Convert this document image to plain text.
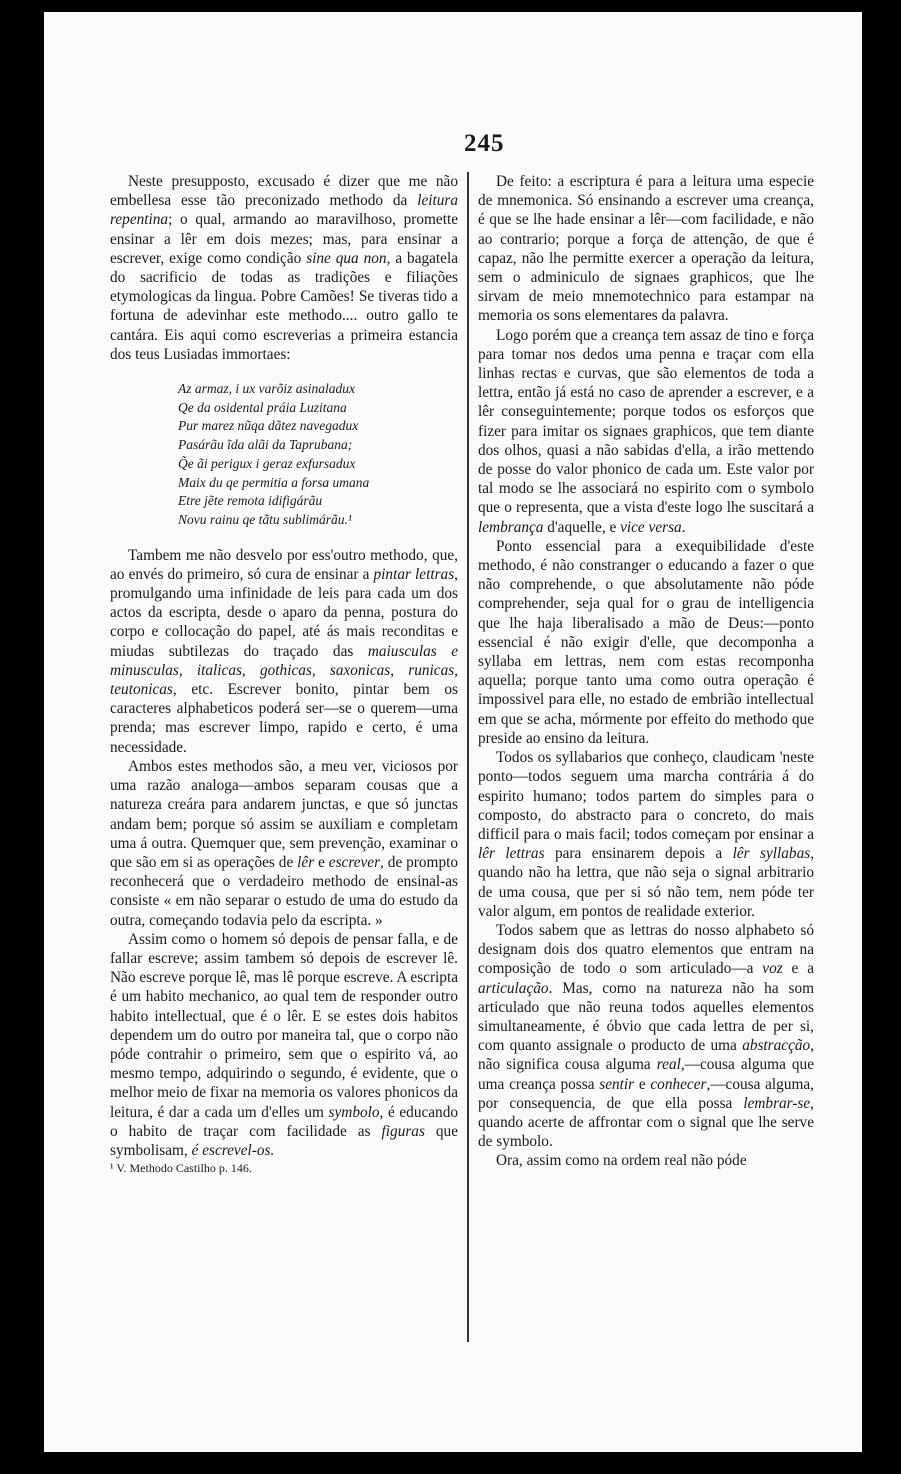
245

Neste presupposto, excusado é dizer que me não embellesa esse tão preconizado methodo da leitura repentina; o qual, armando ao maravilhoso, promette ensinar a lêr em dois mezes; mas, para ensinar a escrever, exige como condição sine qua non, a bagatela do sacrificio de todas as tradições e filiações etymologicas da lingua. Pobre Camões! Se tiveras tido a fortuna de adevinhar este methodo.... outro gallo te cantára. Eis aqui como escreverias a primeira estancia dos teus Lusiadas immortaes:

Az armaz, i ux varõiz asinaladux
Qe da osidental práia Luzitana
Pur marez nũqa dãtez navegadux
Pasárãu ĩda alãi da Taprubana;
Q̃e ãi perigux i geraz exfursadux
Maix du qe permitia a forsa umana
Etre jẽte remota idifigárãu
Novu rainu qe tãtu sublimárãu.¹

Tambem me não desvelo por ess'outro methodo, que, ao envés do primeiro, só cura de ensinar a pintar lettras, promulgando uma infinidade de leis para cada um dos actos da escripta, desde o aparo da penna, postura do corpo e collocação do papel, até ás mais reconditas e miudas subtilezas do traçado das maiusculas e minusculas, italicas, gothicas, saxonicas, runicas, teutonicas, etc. Escrever bonito, pintar bem os caracteres alphabeticos poderá ser—se o querem—uma prenda; mas escrever limpo, rapido e certo, é uma necessidade.

Ambos estes methodos são, a meu ver, viciosos por uma razão analoga—ambos separam cousas que a natureza creára para andarem junctas, e que só junctas andam bem; porque só assim se auxiliam e completam uma á outra. Quemquer que, sem prevenção, examinar o que são em si as operações de lêr e escrever, de prompto reconhecerá que o verdadeiro methodo de ensinal-as consiste « em não separar o estudo de uma do estudo da outra, começando todavia pelo da escripta. »

Assim como o homem só depois de pensar falla, e de fallar escreve; assim tambem só depois de escrever lê. Não escreve porque lê, mas lê porque escreve. A escripta é um habito mechanico, ao qual tem de responder outro habito intellectual, que é o lêr. E se estes dois habitos dependem um do outro por maneira tal, que o corpo não póde contrahir o primeiro, sem que o espirito vá, ao mesmo tempo, adquirindo o segundo, é evidente, que o melhor meio de fixar na memoria os valores phonicos da leitura, é dar a cada um d'elles um symbolo, é educando o habito de traçar com facilidade as figuras que symbolisam, é escrevel-os.

¹ V. Methodo Castilho p. 146.

De feito: a escriptura é para a leitura uma especie de mnemonica. Só ensinando a escrever uma creança, é que se lhe hade ensinar a lêr—com facilidade, e não ao contrario; porque a força de attenção, de que é capaz, não lhe permitte exercer a operação da leitura, sem o adminiculo de signaes graphicos, que lhe sirvam de meio mnemotechnico para estampar na memoria os sons elementares da palavra.

Logo porém que a creança tem assaz de tino e força para tomar nos dedos uma penna e traçar com ella linhas rectas e curvas, que são elementos de toda a lettra, então já está no caso de aprender a escrever, e a lêr conseguintemente; porque todos os esforços que fizer para imitar os signaes graphicos, que tem diante dos olhos, quasi a não sabidas d'ella, a irão mettendo de posse do valor phonico de cada um. Este valor por tal modo se lhe associará no espirito com o symbolo que o representa, que a vista d'este logo lhe suscitará a lembrança d'aquelle, e vice versa.

Ponto essencial para a exequibilidade d'este methodo, é não constranger o educando a fazer o que não comprehende, o que absolutamente não póde comprehender, seja qual for o grau de intelligencia que lhe haja liberalisado a mão de Deus:—ponto essencial é não exigir d'elle, que decomponha a syllaba em lettras, nem com estas recomponha aquella; porque tanto uma como outra operação é impossivel para elle, no estado de embrião intellectual em que se acha, mórmente por effeito do methodo que preside ao ensino da leitura.

Todos os syllabarios que conheço, claudicam 'neste ponto—todos seguem uma marcha contrária á do espirito humano; todos partem do simples para o composto, do abstracto para o concreto, do mais difficil para o mais facil; todos começam por ensinar a lêr lettras para ensinarem depois a lêr syllabas, quando não ha lettra, que não seja o signal arbitrario de uma cousa, que per si só não tem, nem póde ter valor algum, em pontos de realidade exterior.

Todos sabem que as lettras do nosso alphabeto só designam dois dos quatro elementos que entram na composição de todo o som articulado—a voz e a articulação. Mas, como na natureza não ha som articulado que não reuna todos aquelles elementos simultaneamente, é óbvio que cada lettra de per si, com quanto assignale o producto de uma abstracção, não significa cousa alguma real,—cousa alguma que uma creança possa sentir e conhecer,—cousa alguma, por consequencia, de que ella possa lembrar-se, quando acerte de affrontar com o signal que lhe serve de symbolo.

Ora, assim como na ordem real não póde
